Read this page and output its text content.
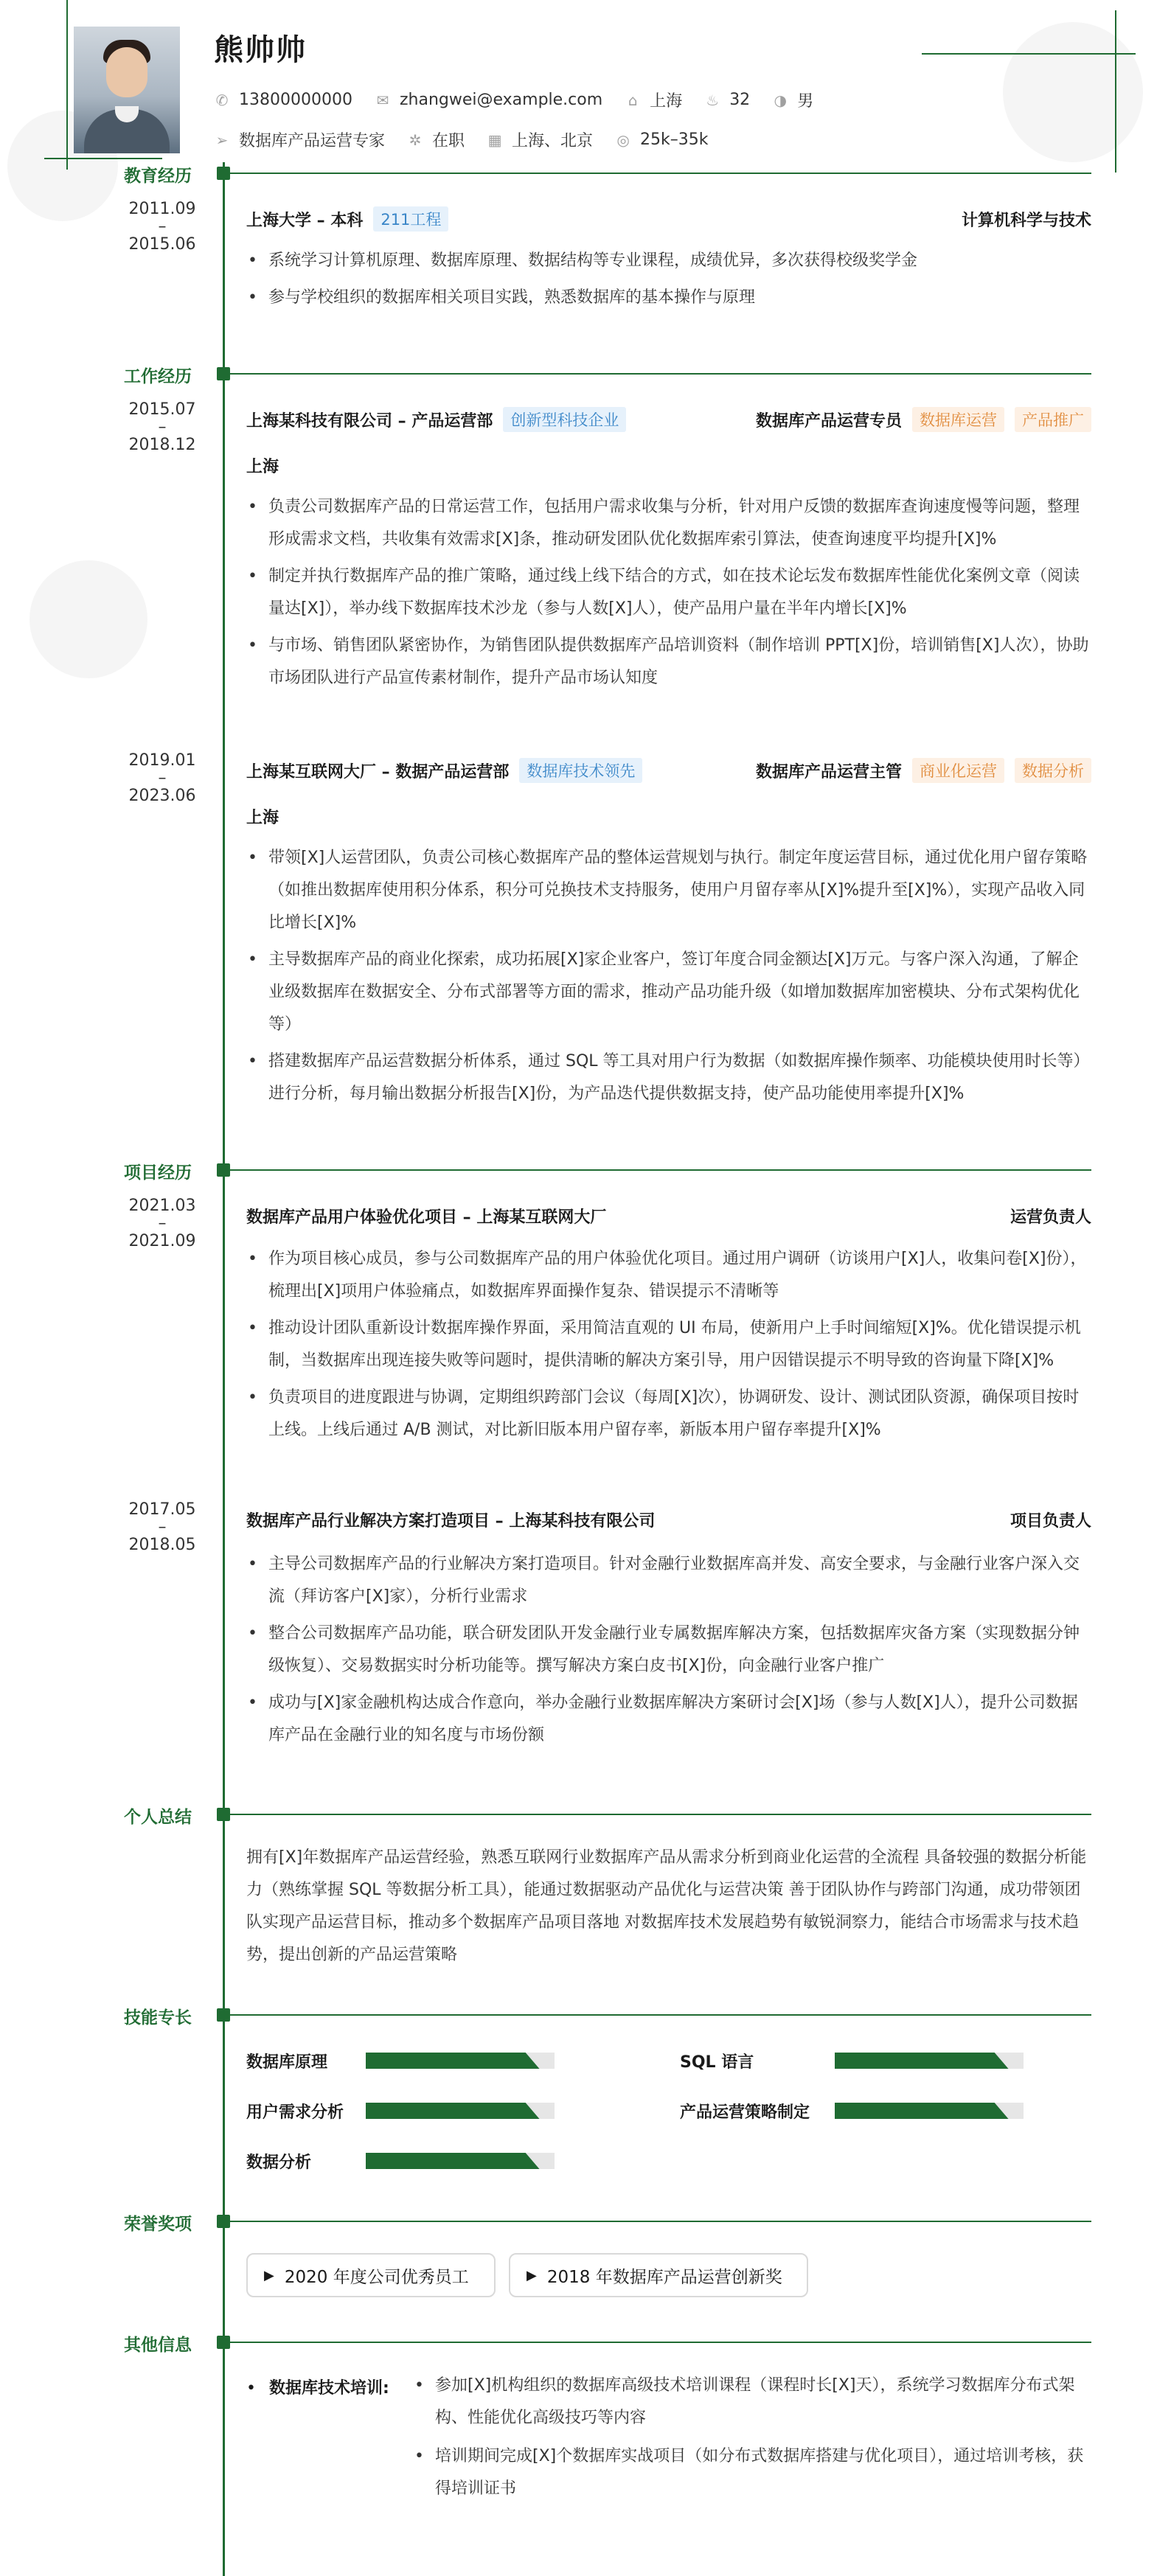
熊帅帅
✆ 13800000000 ✉ zhangwei@example.com ⌂ 上海 ♨ 32 ◑ 男
➢ 数据库产品运营专家 ✲ 在职 ▦ 上海、北京 ◎ 25k–35k
教育经历
2011.09
–
2015.06
上海大学 – 本科	211工程	计算机科学与技术
• 系统学习计算机原理、数据库原理、数据结构等专业课程，成绩优异，多次获得校级奖学金
• 参与学校组织的数据库相关项目实践，熟悉数据库的基本操作与原理
工作经历
2015.07
–
2018.12
上海某科技有限公司 – 产品运营部	创新型科技企业	数据库产品运营专员	数据库运营	产品推广
上海
• 负责公司数据库产品的日常运营工作，包括用户需求收集与分析，针对用户反馈的数据库查询速度慢等问题，整理形成需求文档，共收集有效需求[X]条，推动研发团队优化数据库索引算法，使查询速度平均提升[X]%
• 制定并执行数据库产品的推广策略，通过线上线下结合的方式，如在技术论坛发布数据库性能优化案例文章（阅读量达[X]），举办线下数据库技术沙龙（参与人数[X]人），使产品用户量在半年内增长[X]%
• 与市场、销售团队紧密协作，为销售团队提供数据库产品培训资料（制作培训 PPT[X]份，培训销售[X]人次），协助市场团队进行产品宣传素材制作，提升产品市场认知度
2019.01
–
2023.06
上海某互联网大厂 – 数据产品运营部	数据库技术领先	数据库产品运营主管	商业化运营	数据分析
上海
• 带领[X]人运营团队，负责公司核心数据库产品的整体运营规划与执行。制定年度运营目标，通过优化用户留存策略（如推出数据库使用积分体系，积分可兑换技术支持服务，使用户月留存率从[X]%提升至[X]%），实现产品收入同比增长[X]%
• 主导数据库产品的商业化探索，成功拓展[X]家企业客户，签订年度合同金额达[X]万元。与客户深入沟通，了解企业级数据库在数据安全、分布式部署等方面的需求，推动产品功能升级（如增加数据库加密模块、分布式架构优化等）
• 搭建数据库产品运营数据分析体系，通过 SQL 等工具对用户行为数据（如数据库操作频率、功能模块使用时长等）进行分析，每月输出数据分析报告[X]份，为产品迭代提供数据支持，使产品功能使用率提升[X]%
项目经历
2021.03
–
2021.09
数据库产品用户体验优化项目 – 上海某互联网大厂	运营负责人
• 作为项目核心成员，参与公司数据库产品的用户体验优化项目。通过用户调研（访谈用户[X]人，收集问卷[X]份），梳理出[X]项用户体验痛点，如数据库界面操作复杂、错误提示不清晰等
• 推动设计团队重新设计数据库操作界面，采用简洁直观的 UI 布局，使新用户上手时间缩短[X]%。优化错误提示机制，当数据库出现连接失败等问题时，提供清晰的解决方案引导，用户因错误提示不明导致的咨询量下降[X]%
• 负责项目的进度跟进与协调，定期组织跨部门会议（每周[X]次），协调研发、设计、测试团队资源，确保项目按时上线。上线后通过 A/B 测试，对比新旧版本用户留存率，新版本用户留存率提升[X]%
2017.05
–
2018.05
数据库产品行业解决方案打造项目 – 上海某科技有限公司	项目负责人
• 主导公司数据库产品的行业解决方案打造项目。针对金融行业数据库高并发、高安全要求，与金融行业客户深入交流（拜访客户[X]家），分析行业需求
• 整合公司数据库产品功能，联合研发团队开发金融行业专属数据库解决方案，包括数据库灾备方案（实现数据分钟级恢复）、交易数据实时分析功能等。撰写解决方案白皮书[X]份，向金融行业客户推广
• 成功与[X]家金融机构达成合作意向，举办金融行业数据库解决方案研讨会[X]场（参与人数[X]人），提升公司数据库产品在金融行业的知名度与市场份额
个人总结
拥有[X]年数据库产品运营经验，熟悉互联网行业数据库产品从需求分析到商业化运营的全流程 具备较强的数据分析能力（熟练掌握 SQL 等数据分析工具），能通过数据驱动产品优化与运营决策 善于团队协作与跨部门沟通，成功带领团队实现产品运营目标，推动多个数据库产品项目落地 对数据库技术发展趋势有敏锐洞察力，能结合市场需求与技术趋势，提出创新的产品运营策略
技能专长
数据库原理	SQL 语言
用户需求分析	产品运营策略制定
数据分析
荣誉奖项
▶ 2020 年度公司优秀员工	▶ 2018 年数据库产品运营创新奖
其他信息
• 数据库技术培训:
•	参加[X]机构组织的数据库高级技术培训课程（课程时长[X]天），系统学习数据库分布式架构、性能优化高级技巧等内容
• 培训期间完成[X]个数据库实战项目（如分布式数据库搭建与优化项目），通过培训考核，获得培训证书
